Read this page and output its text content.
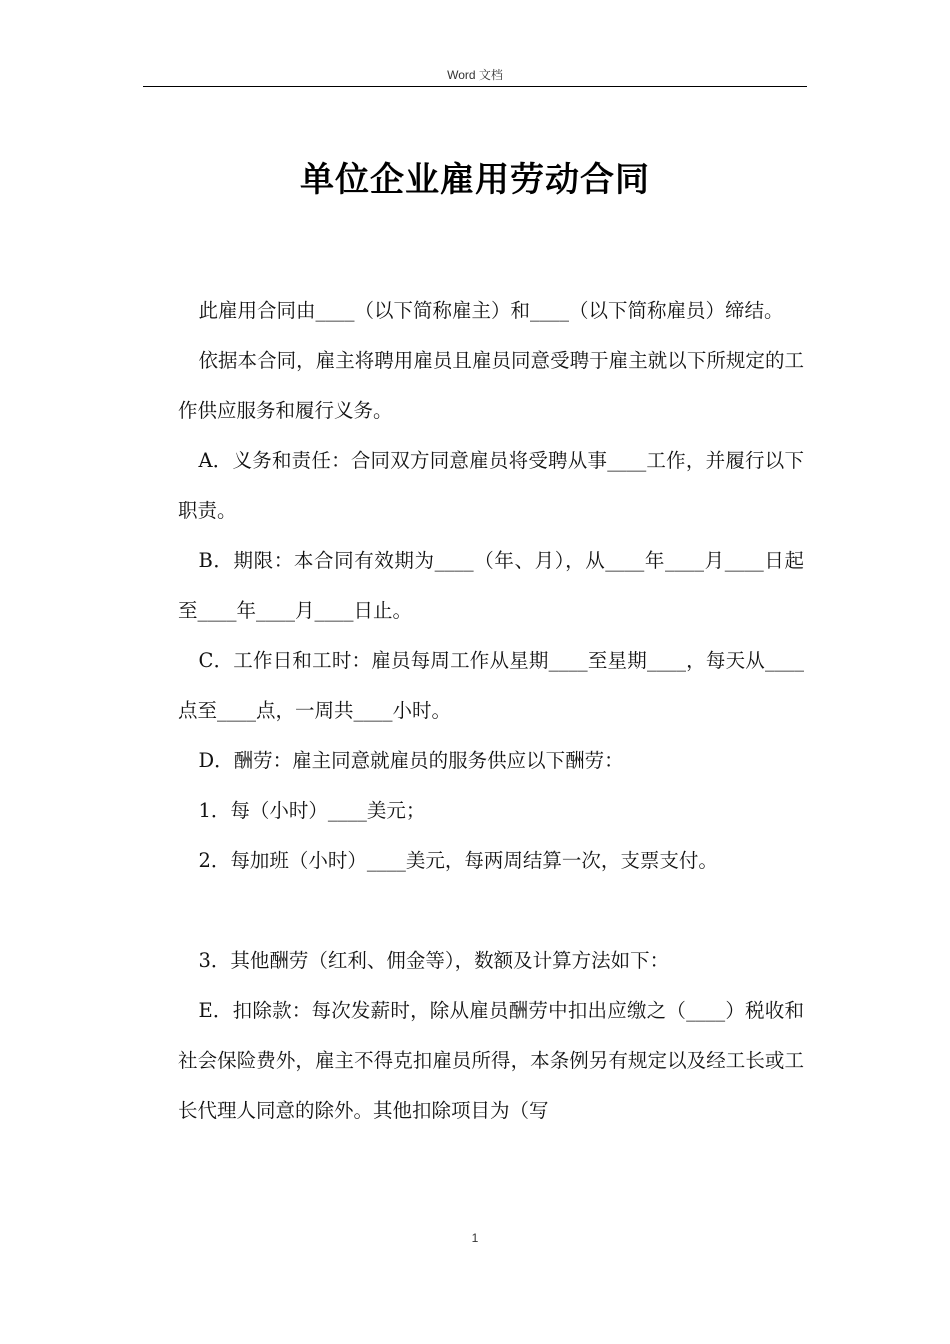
Word 文档
单位企业雇用劳动合同

此雇用合同由____（以下简称雇主）和____（以下简称雇员）缔结。

依据本合同，雇主将聘用雇员且雇员同意受聘于雇主就以下所规定的工作供应服务和履行义务。

A．义务和责任：合同双方同意雇员将受聘从事____工作，并履行以下职责。

B．期限：本合同有效期为____（年、月），从____年____月____日起至____年____月____日止。

C．工作日和工时：雇员每周工作从星期____至星期____，每天从____点至____点，一周共____小时。

D．酬劳：雇主同意就雇员的服务供应以下酬劳：

1．每（小时）____美元；

2．每加班（小时）____美元，每两周结算一次，支票支付。

3．其他酬劳（红利、佣金等），数额及计算方法如下：

E．扣除款：每次发薪时，除从雇员酬劳中扣出应缴之（____）税收和社会保险费外，雇主不得克扣雇员所得，本条例另有规定以及经工长或工长代理人同意的除外。其他扣除项目为（写

1
